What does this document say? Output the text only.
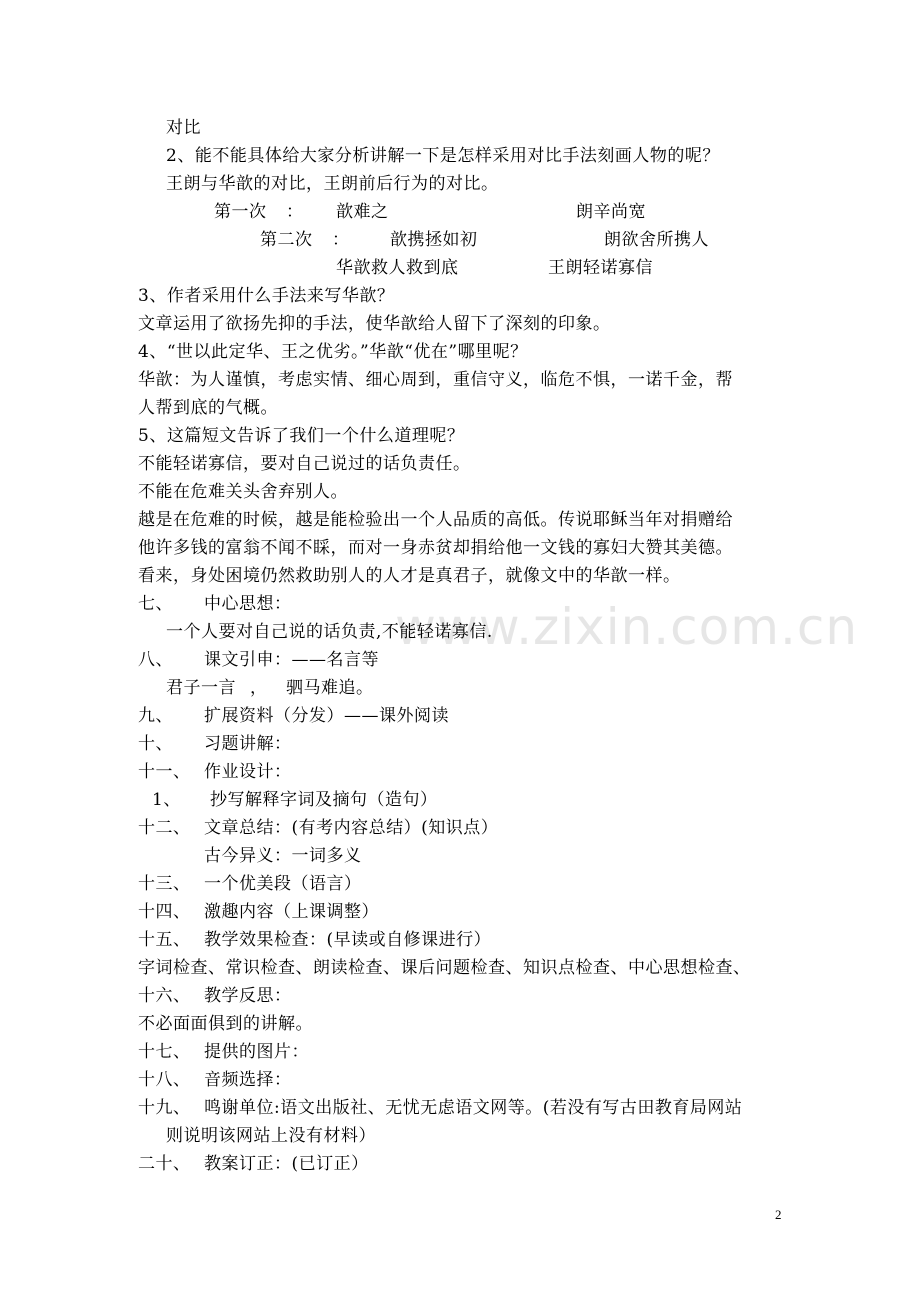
www.zixin.com.cn
对比
2、能不能具体给大家分析讲解一下是怎样采用对比手法刻画人物的呢？
王朗与华歆的对比，王朗前后行为的对比。
第一次 ： 歆难之	朗辛尚宽
第二次 ： 歆携拯如初	朗欲舍所携人
华歆救人救到底	王朗轻诺寡信
3、作者采用什么手法来写华歆？
文章运用了欲扬先抑的手法，使华歆给人留下了深刻的印象。
4、“世以此定华、王之优劣。”华歆“优在”哪里呢？
华歆：为人谨慎，考虑实情、细心周到，重信守义，临危不惧，一诺千金，帮
人帮到底的气概。
5、这篇短文告诉了我们一个什么道理呢？
不能轻诺寡信，要对自己说过的话负责任。
不能在危难关头舍弃别人。
越是在危难的时候，越是能检验出一个人品质的高低。传说耶稣当年对捐赠给
他许多钱的富翁不闻不睬，而对一身赤贫却捐给他一文钱的寡妇大赞其美德。
看来，身处困境仍然救助别人的人才是真君子，就像文中的华歆一样。
七、 中心思想：
一个人要对自己说的话负责,不能轻诺寡信.
八、 课文引申：——名言等
君子一言 ， 驷马难追。
九、 扩展资料（分发）——课外阅读
十、 习题讲解：
十一、 作业设计：
1、 抄写解释字词及摘句（造句）
十二、 文章总结：(有考内容总结）(知识点）
古今异义：一词多义
十三、 一个优美段（语言）
十四、 激趣内容（上课调整）
十五、 教学效果检查：(早读或自修课进行）
字词检查、常识检查、朗读检查、课后问题检查、知识点检查、中心思想检查、
十六、 教学反思：
不必面面俱到的讲解。
十七、 提供的图片：
十八、 音频选择：
十九、 鸣谢单位:语文出版社、无忧无虑语文网等。(若没有写古田教育局网站
则说明该网站上没有材料）
二十、 教案订正：(已订正）
2
